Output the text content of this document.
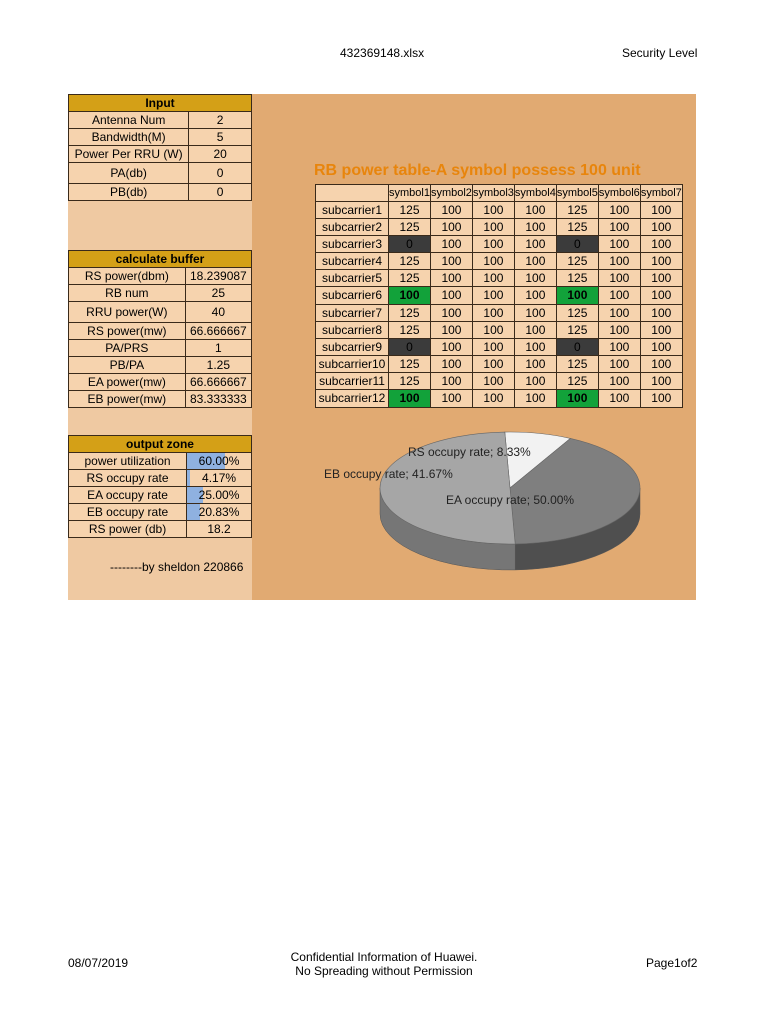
432369148.xlsx	Security Level
Input	
Antenna Num	2
Bandwidth(M)	5
Power Per RRU (W)	20
PA(db)	0
PB(db)	0
calculate buffer	
RS power(dbm)	18.239087
RB num	25
RRU power(W)	40
RS power(mw)	66.666667
PA/PRS	1
PB/PA	1.25
EA power(mw)	66.666667
EB power(mw)	83.333333
output zone	
power utilization	60.00%
RS occupy rate	4.17%
EA occupy rate	25.00%
EB occupy rate	20.83%
RS power (db)	18.2
--------by sheldon 220866
RB power table-A symbol possess 100 unit
	symbol1	symbol2	symbol3	symbol4	symbol5	symbol6	symbol7
subcarrier1	125	100	100	100	125	100	100
subcarrier2	125	100	100	100	125	100	100
subcarrier3	0	100	100	100	0	100	100
subcarrier4	125	100	100	100	125	100	100
subcarrier5	125	100	100	100	125	100	100
subcarrier6	100	100	100	100	100	100	100
subcarrier7	125	100	100	100	125	100	100
subcarrier8	125	100	100	100	125	100	100
subcarrier9	0	100	100	100	0	100	100
subcarrier10	125	100	100	100	125	100	100
subcarrier11	125	100	100	100	125	100	100
subcarrier12	100	100	100	100	100	100	100
RS occupy rate; 8.33%
EB occupy rate; 41.67%
EA occupy rate; 50.00%
08/07/2019	Confidential Information of Huawei.
No Spreading without Permission
Page1of2
